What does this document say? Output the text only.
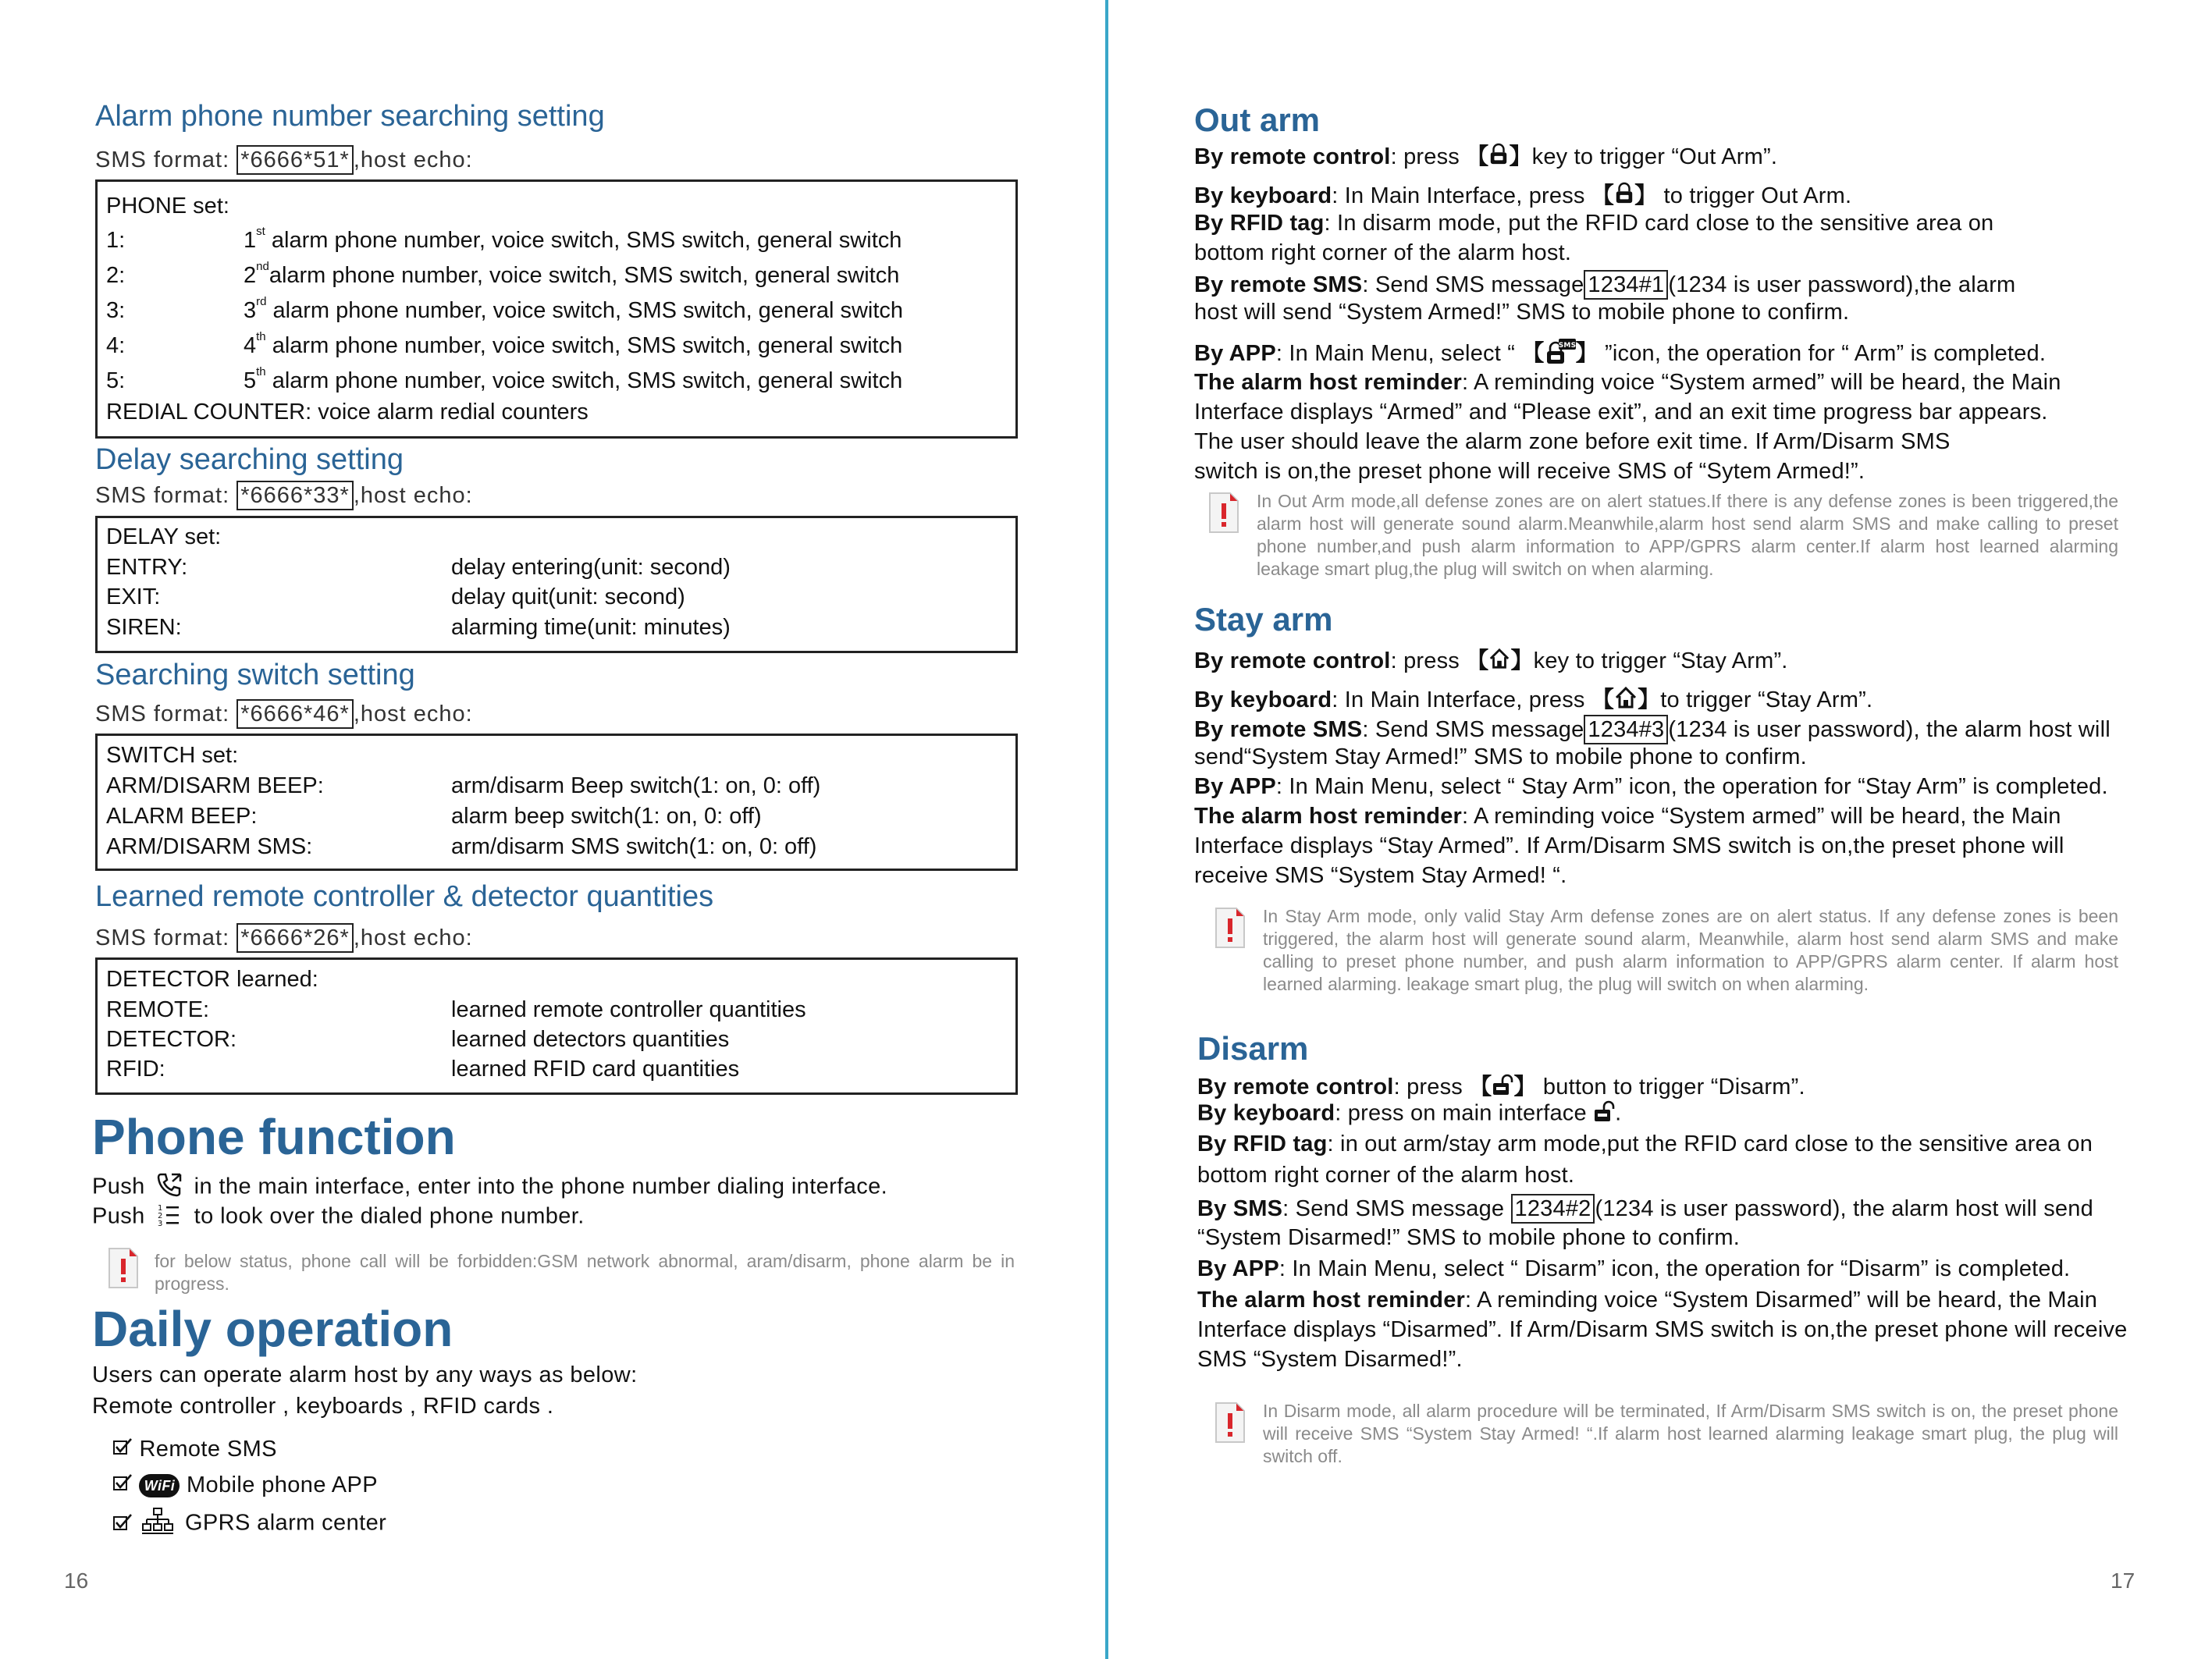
Alarm phone number searching setting
SMS format: *6666*51* ,host echo:
PHONE set:
1:	1st alarm phone number, voice switch, SMS switch, general switch
2:	2ndalarm phone number, voice switch, SMS switch, general switch
3:	3rd alarm phone number, voice switch, SMS switch, general switch
4:	4th alarm phone number, voice switch, SMS switch, general switch
5:	5th alarm phone number, voice switch, SMS switch, general switch
REDIAL COUNTER: voice alarm redial counters
Delay searching setting
SMS format: *6666*33* ,host echo:
DELAY set:
ENTRY:	delay entering(unit: second)
EXIT:	delay quit(unit: second)
SIREN:	alarming time(unit: minutes)
Searching switch setting
SMS format: *6666*46* ,host echo:
SWITCH set:
ARM/DISARM BEEP:	arm/disarm Beep switch(1: on, 0: off)
ALARM BEEP:	alarm beep switch(1: on, 0: off)
ARM/DISARM SMS:	arm/disarm SMS switch(1: on, 0: off)
Learned remote controller & detector quantities
SMS format: *6666*26* ,host echo:
DETECTOR learned:
REMOTE:	learned remote controller quantities
DETECTOR:	learned detectors quantities
RFID:	learned RFID card quantities
Phone function
Push in the main interface, enter into the phone number dialing interface.
Push 1
2
3 to look over the dialed phone number.
for below status, phone call will be forbidden:GSM network abnormal, aram/disarm, phone alarm be in progress.
Daily operation
Users can operate alarm host by any ways as below:
Remote controller , keyboards , RFID cards .
Remote SMS
WiFi Mobile phone APP
GPRS alarm center
16
Out arm
By remote control: press 【 】key to trigger “Out Arm”.
By keyboard: In Main Interface, press 【 】 to trigger Out Arm.
By RFID tag: In disarm mode, put the RFID card close to the sensitive area on
bottom right corner of the alarm host.
By remote SMS: Send SMS message 1234#1 (1234 is user password),the alarm
host will send “System Armed!” SMS to mobile phone to confirm.
By APP: In Main Menu, select “ 【 SMS 】 ”icon, the operation for “ Arm” is completed.
The alarm host reminder: A reminding voice “System armed” will be heard, the Main
Interface displays “Armed” and “Please exit”, and an exit time progress bar appears.
The user should leave the alarm zone before exit time. If Arm/Disarm SMS
switch is on,the preset phone will receive SMS of “Sytem Armed!”.
In Out Arm mode,all defense zones are on alert statues.If there is any defense zones is been triggered,the alarm host will generate sound alarm.Meanwhile,alarm host send alarm SMS and make calling to preset phone number,and push alarm information to APP/GPRS alarm center.If alarm host learned alarming leakage smart plug,the plug will switch on when alarming.
Stay arm
By remote control: press 【 】key to trigger “Stay Arm”.
By keyboard: In Main Interface, press 【 】to trigger “Stay Arm”.
By remote SMS: Send SMS message 1234#3 (1234 is user password), the alarm host will
send“System Stay Armed!” SMS to mobile phone to confirm.
By APP: In Main Menu, select “ Stay Arm” icon, the operation for “Stay Arm” is completed.
The alarm host reminder: A reminding voice “System armed” will be heard, the Main
Interface displays “Stay Armed”. If Arm/Disarm SMS switch is on,the preset phone will
receive SMS “System Stay Armed! “.
In Stay Arm mode, only valid Stay Arm defense zones are on alert status. If any defense zones is been triggered, the alarm host will generate sound alarm, Meanwhile, alarm host send alarm SMS and make calling to preset phone number, and push alarm information to APP/GPRS alarm center. If alarm host learned alarming. leakage smart plug, the plug will switch on when alarming.
Disarm
By remote control: press 【 】 button to trigger “Disarm”.
By keyboard: press on main interface .
By RFID tag: in out arm/stay arm mode,put the RFID card close to the sensitive area on
bottom right corner of the alarm host.
By SMS: Send SMS message 1234#2 (1234 is user password), the alarm host will send
“System Disarmed!” SMS to mobile phone to confirm.
By APP: In Main Menu, select “ Disarm” icon, the operation for “Disarm” is completed.
The alarm host reminder: A reminding voice “System Disarmed” will be heard, the Main
Interface displays “Disarmed”. If Arm/Disarm SMS switch is on,the preset phone will receive
SMS “System Disarmed!”.
In Disarm mode, all alarm procedure will be terminated, If Arm/Disarm SMS switch is on, the preset phone will receive SMS “System Stay Armed! “.If alarm host learned alarming leakage smart plug, the plug will switch off.
17
